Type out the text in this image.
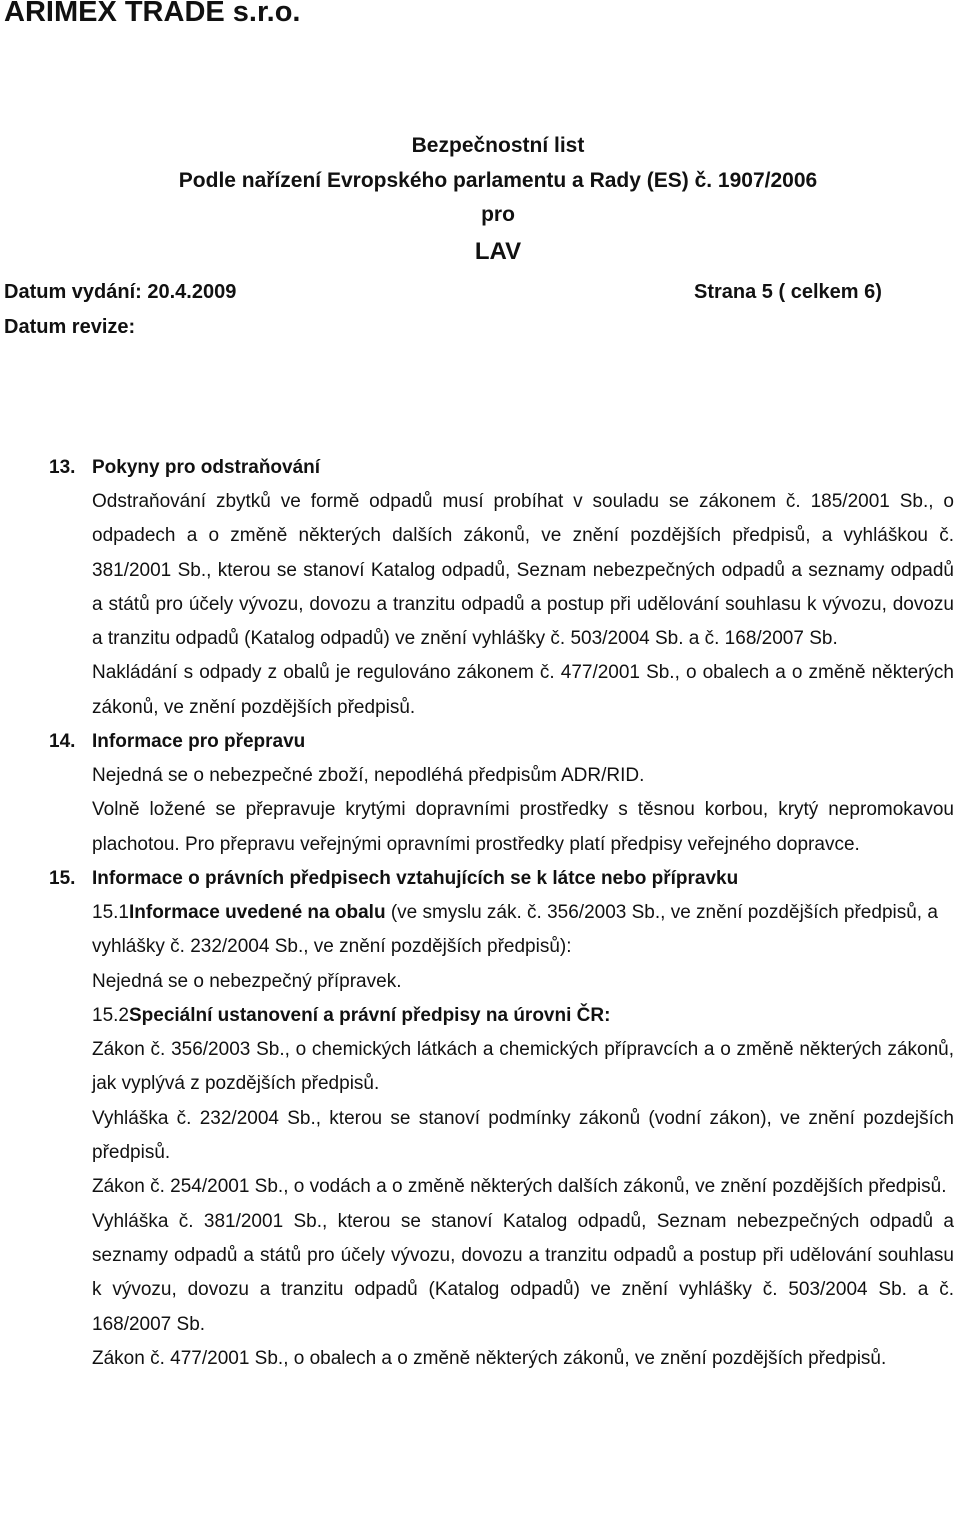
ARIMEX TRADE s.r.o.
Bezpečnostní list
Podle nařízení Evropského parlamentu a Rady (ES) č. 1907/2006
pro
LAV
Datum vydání: 20.4.2009	Strana 5 ( celkem 6)
Datum revize:
13. Pokyny pro odstraňování

Odstraňování zbytků ve formě odpadů musí probíhat v souladu se zákonem č. 185/2001 Sb., o odpadech a o změně některých dalších zákonů, ve znění pozdějších předpisů, a vyhláškou č. 381/2001 Sb., kterou se stanoví Katalog odpadů, Seznam nebezpečných odpadů a seznamy odpadů a států pro účely vývozu, dovozu a tranzitu odpadů a postup při udělování souhlasu k vývozu, dovozu a tranzitu odpadů (Katalog odpadů) ve znění vyhlášky č. 503/2004 Sb. a č. 168/2007 Sb.

Nakládání s odpady z obalů je regulováno zákonem č. 477/2001 Sb., o obalech a o změně některých zákonů, ve znění pozdějších předpisů.

14. Informace pro přepravu

Nejedná se o nebezpečné zboží, nepodléhá předpisům ADR/RID.

Volně ložené se přepravuje krytými dopravními prostředky s těsnou korbou, krytý nepromokavou plachotou. Pro přepravu veřejnými opravními prostředky platí předpisy veřejného dopravce.

15. Informace o právních předpisech vztahujících se k látce nebo přípravku

15.1Informace uvedené na obalu (ve smyslu zák. č. 356/2003 Sb., ve znění pozdějších předpisů, a vyhlášky č. 232/2004 Sb., ve znění pozdějších předpisů):

Nejedná se o nebezpečný přípravek.

15.2Speciální ustanovení a právní předpisy na úrovni ČR:

Zákon č. 356/2003 Sb., o chemických látkách a chemických přípravcích a o změně některých zákonů, jak vyplývá z pozdějších předpisů.

Vyhláška č. 232/2004 Sb., kterou se stanoví podmínky zákonů (vodní zákon), ve znění pozdejších předpisů.

Zákon č. 254/2001 Sb., o vodách a o změně některých dalších zákonů, ve znění pozdějších předpisů.

Vyhláška č. 381/2001 Sb., kterou se stanoví Katalog odpadů, Seznam nebezpečných odpadů a seznamy odpadů a států pro účely vývozu, dovozu a tranzitu odpadů a postup při udělování souhlasu k vývozu, dovozu a tranzitu odpadů (Katalog odpadů) ve znění vyhlášky č. 503/2004 Sb. a č. 168/2007 Sb.

Zákon č. 477/2001 Sb., o obalech a o změně některých zákonů, ve znění pozdějších předpisů.
